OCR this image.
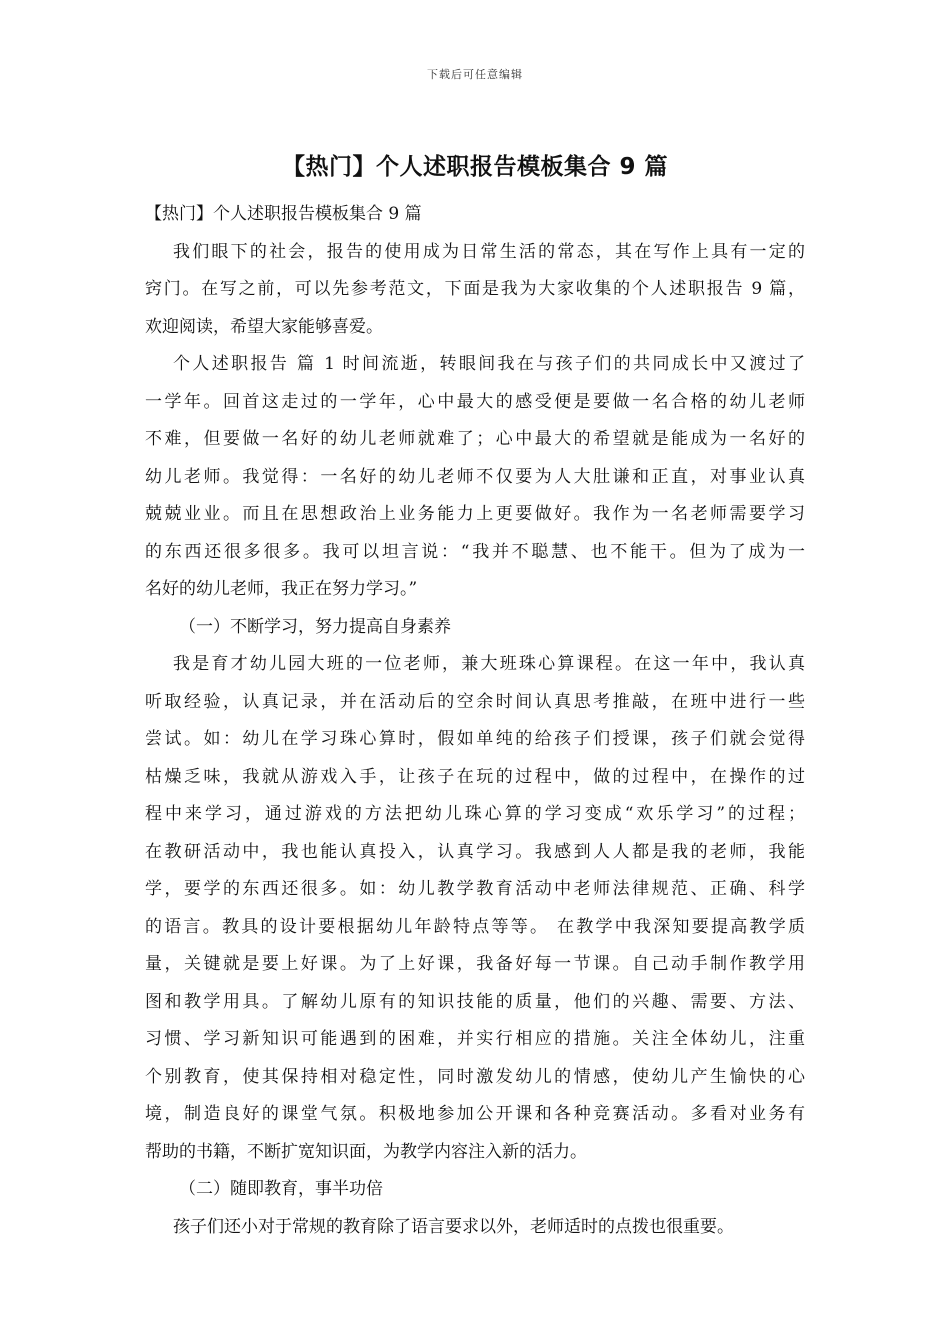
下载后可任意编辑
【热门】个人述职报告模板集合 9 篇
【热门】个人述职报告模板集合 9 篇
我们眼下的社会，报告的使用成为日常生活的常态，其在写作上具有一定的
窍门。在写之前，可以先参考范文，下面是我为大家收集的个人述职报告 9 篇，
欢迎阅读，希望大家能够喜爱。
个人述职报告 篇 1 时间流逝，转眼间我在与孩子们的共同成长中又渡过了
一学年。回首这走过的一学年，心中最大的感受便是要做一名合格的幼儿老师
不难，但要做一名好的幼儿老师就难了；心中最大的希望就是能成为一名好的
幼儿老师。我觉得：一名好的幼儿老师不仅要为人大肚谦和正直，对事业认真
兢兢业业。而且在思想政治上业务能力上更要做好。我作为一名老师需要学习
的东西还很多很多。我可以坦言说：“我并不聪慧、也不能干。但为了成为一
名好的幼儿老师，我正在努力学习。”
（一）不断学习，努力提高自身素养
我是育才幼儿园大班的一位老师，兼大班珠心算课程。在这一年中，我认真
听取经验，认真记录，并在活动后的空余时间认真思考推敲，在班中进行一些
尝试。如：幼儿在学习珠心算时，假如单纯的给孩子们授课，孩子们就会觉得
枯燥乏味，我就从游戏入手，让孩子在玩的过程中，做的过程中，在操作的过
程中来学习，通过游戏的方法把幼儿珠心算的学习变成“欢乐学习”的过程；
在教研活动中，我也能认真投入，认真学习。我感到人人都是我的老师，我能
学，要学的东西还很多。如：幼儿教学教育活动中老师法律规范、正确、科学
的语言。教具的设计要根据幼儿年龄特点等等。 在教学中我深知要提高教学质
量，关键就是要上好课。为了上好课，我备好每一节课。自己动手制作教学用
图和教学用具。了解幼儿原有的知识技能的质量，他们的兴趣、需要、方法、
习惯、学习新知识可能遇到的困难，并实行相应的措施。关注全体幼儿，注重
个别教育，使其保持相对稳定性，同时激发幼儿的情感，使幼儿产生愉快的心
境，制造良好的课堂气氛。积极地参加公开课和各种竞赛活动。多看对业务有
帮助的书籍，不断扩宽知识面，为教学内容注入新的活力。
（二）随即教育，事半功倍
孩子们还小对于常规的教育除了语言要求以外，老师适时的点拨也很重要。
